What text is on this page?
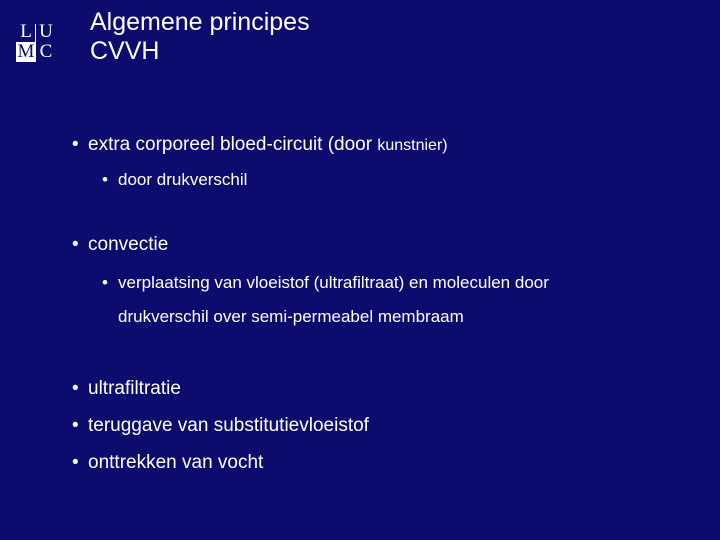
L U
M C
Algemene principes
CVVH
• extra corporeel bloed-circuit (door kunstnier)
• door drukverschil
• convectie
• verplaatsing van vloeistof (ultrafiltraat) en moleculen door
drukverschil over semi-permeabel membraam
• ultrafiltratie
• teruggave van substitutievloeistof
• onttrekken van vocht
